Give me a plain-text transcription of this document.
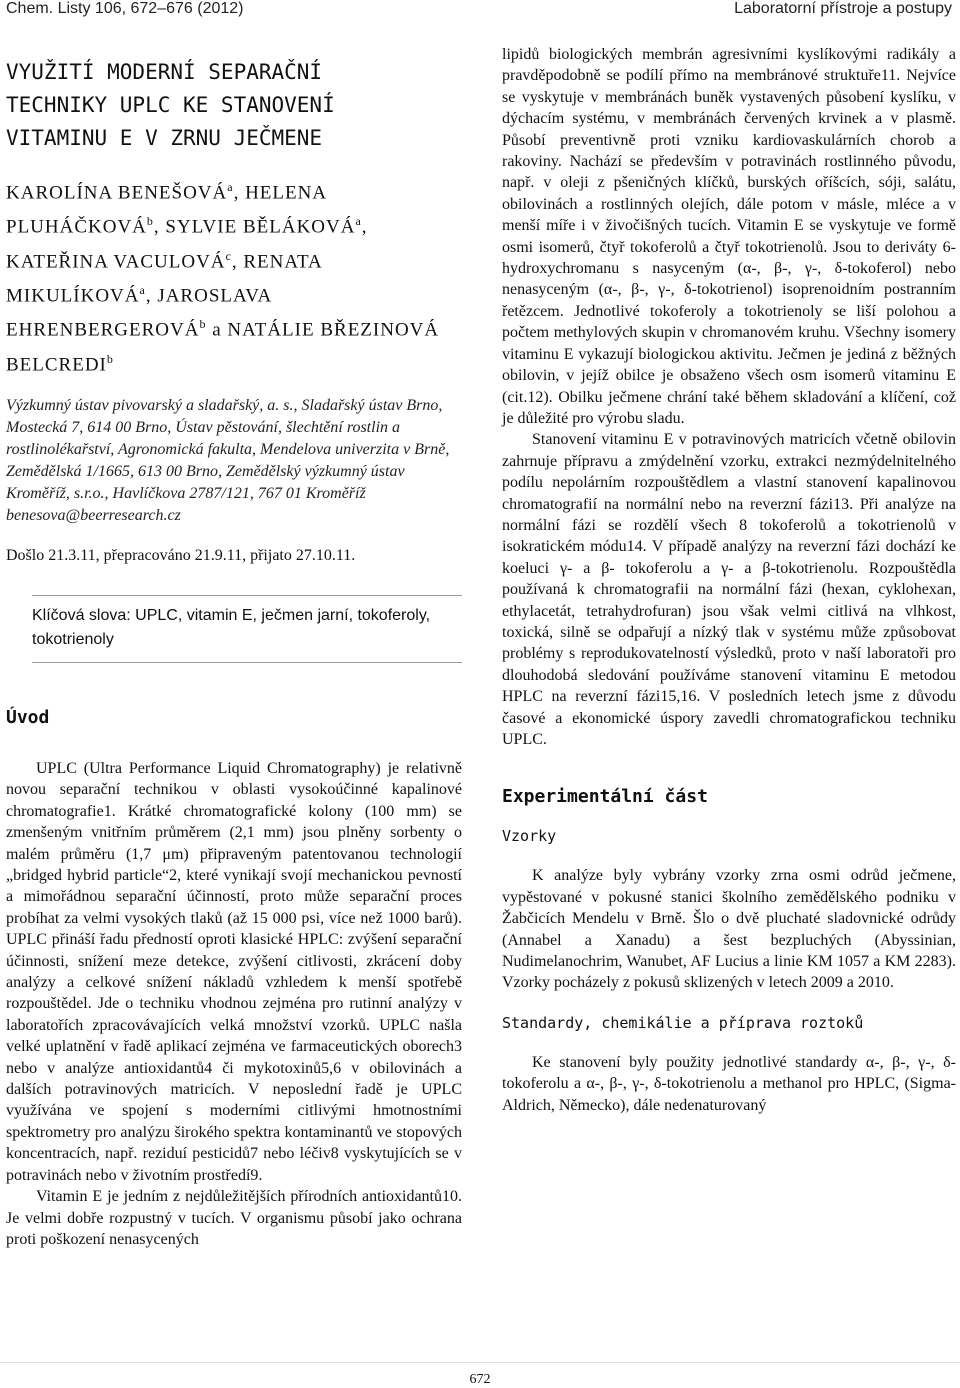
Chem. Listy 106, 672–676 (2012)	Laboratorní přístroje a postupy
VYUŽITÍ MODERNÍ SEPARAČNÍ
TECHNIKY UPLC KE STANOVENÍ
VITAMINU E V ZRNU JEČMENE
KAROLÍNA BENEŠOVÁ$^a$, HELENA PLUHÁČKOVÁ$^b$, SYLVIE BĚLÁKOVÁ$^a$, KATEŘINA VACULOVÁ$^c$, RENATA MIKULÍKOVÁ$^a$, JAROSLAVA EHRENBERGEROVÁ$^b$ a NATÁLIE BŘEZINOVÁ BELCREDI$^b$
Výzkumný ústav pivovarský a sladařský, a. s., Sladařský ústav Brno, Mostecká 7, 614 00 Brno, Ústav pěstování, šlechtění rostlin a rostlinolékařství, Agronomická fakulta, Mendelova univerzita v Brně, Zemědělská 1/1665, 613 00 Brno, Zemědělský výzkumný ústav Kroměříž, s.r.o., Havlíčkova 2787/121, 767 01 Kroměříž
benesova@beerresearch.cz
Došlo 21.3.11, přepracováno 21.9.11, přijato 27.10.11.
Klíčová slova: UPLC, vitamin E, ječmen jarní, tokoferoly, tokotrienoly
Úvod

UPLC (Ultra Performance Liquid Chromatography) je relativně novou separační technikou v oblasti vysokoúčinné kapalinové chromatografie1. Krátké chromatografické kolony (100 mm) se zmenšeným vnitřním průměrem (2,1 mm) jsou plněny sorbenty o malém průměru (1,7 μm) připraveným patentovanou technologií „bridged hybrid particle“2, které vynikají svojí mechanickou pevností a mimořádnou separační účinností, proto může separační proces probíhat za velmi vysokých tlaků (až 15 000 psi, více než 1000 barů). UPLC přináší řadu předností oproti klasické HPLC: zvýšení separační účinnosti, snížení meze detekce, zvýšení citlivosti, zkrácení doby analýzy a celkové snížení nákladů vzhledem k menší spotřebě rozpouštědel. Jde o techniku vhodnou zejména pro rutinní analýzy v laboratořích zpracovávajících velká množství vzorků. UPLC našla velké uplatnění v řadě aplikací zejména ve farmaceutických oborech3 nebo v analýze antioxidantů4 či mykotoxinů5,6 v obilovinách a dalších potravinových matricích. V neposlední řadě je UPLC využívána ve spojení s moderními citlivými hmotnostními spektrometry pro analýzu širokého spektra kontaminantů ve stopových koncentracích, např. reziduí pesticidů7 nebo léčiv8 vyskytujících se v potravinách nebo v životním prostředí9.

Vitamin E je jedním z nejdůležitějších přírodních antioxidantů10. Je velmi dobře rozpustný v tucích. V organismu působí jako ochrana proti poškození nenasycených

lipidů biologických membrán agresivními kyslíkovými radikály a pravděpodobně se podílí přímo na membránové struktuře11. Nejvíce se vyskytuje v membránách buněk vystavených působení kyslíku, v dýchacím systému, v membránách červených krvinek a v plasmě. Působí preventivně proti vzniku kardiovaskulárních chorob a rakoviny. Nachází se především v potravinách rostlinného původu, např. v oleji z pšeničných klíčků, burských oříšcích, sóji, salátu, obilovinách a rostlinných olejích, dále potom v másle, mléce a v menší míře i v živočišných tucích. Vitamin E se vyskytuje ve formě osmi isomerů, čtyř tokoferolů a čtyř tokotrienolů. Jsou to deriváty 6-hydroxychromanu s nasyceným (α-, β-, γ-, δ-tokoferol) nebo nenasyceným (α-, β-, γ-, δ-tokotrienol) isoprenoidním postranním řetězcem. Jednotlivé tokoferoly a tokotrienoly se liší polohou a počtem methylových skupin v chromanovém kruhu. Všechny isomery vitaminu E vykazují biologickou aktivitu. Ječmen je jediná z běžných obilovin, v jejíž obilce je obsaženo všech osm isomerů vitaminu E (cit.12). Obilku ječmene chrání také během skladování a klíčení, což je důležité pro výrobu sladu.

Stanovení vitaminu E v potravinových matricích včetně obilovin zahrnuje přípravu a zmýdelnění vzorku, extrakci nezmýdelnitelného podílu nepolárním rozpouštědlem a vlastní stanovení kapalinovou chromatografií na normální nebo na reverzní fázi13. Při analýze na normální fázi se rozdělí všech 8 tokoferolů a tokotrienolů v isokratickém módu14. V případě analýzy na reverzní fázi dochází ke koeluci γ- a β- tokoferolu a γ- a β-tokotrienolu. Rozpouštědla používaná k chromatografii na normální fázi (hexan, cyklohexan, ethylacetát, tetrahydrofuran) jsou však velmi citlivá na vlhkost, toxická, silně se odpařují a nízký tlak v systému může způsobovat problémy s reprodukovatelností výsledků, proto v naší laboratoři pro dlouhodobá sledování používáme stanovení vitaminu E metodou HPLC na reverzní fázi15,16. V posledních letech jsme z důvodu časové a ekonomické úspory zavedli chromatografickou techniku UPLC.

Experimentální část
Vzorky

K analýze byly vybrány vzorky zrna osmi odrůd ječmene, vypěstované v pokusné stanici školního zemědělského podniku v Žabčicích Mendelu v Brně. Šlo o dvě pluchaté sladovnické odrůdy (Annabel a Xanadu) a šest bezpluchých (Abyssinian, Nudimelanochrim, Wanubet, AF Lucius a linie KM 1057 a KM 2283). Vzorky pocházely z pokusů sklizených v letech 2009 a 2010.

Standardy, chemikálie a příprava roztoků

Ke stanovení byly použity jednotlivé standardy α-, β-, γ-, δ-tokoferolu a α-, β-, γ-, δ-tokotrienolu a methanol pro HPLC, (Sigma-Aldrich, Německo), dále nedenaturovaný

672
